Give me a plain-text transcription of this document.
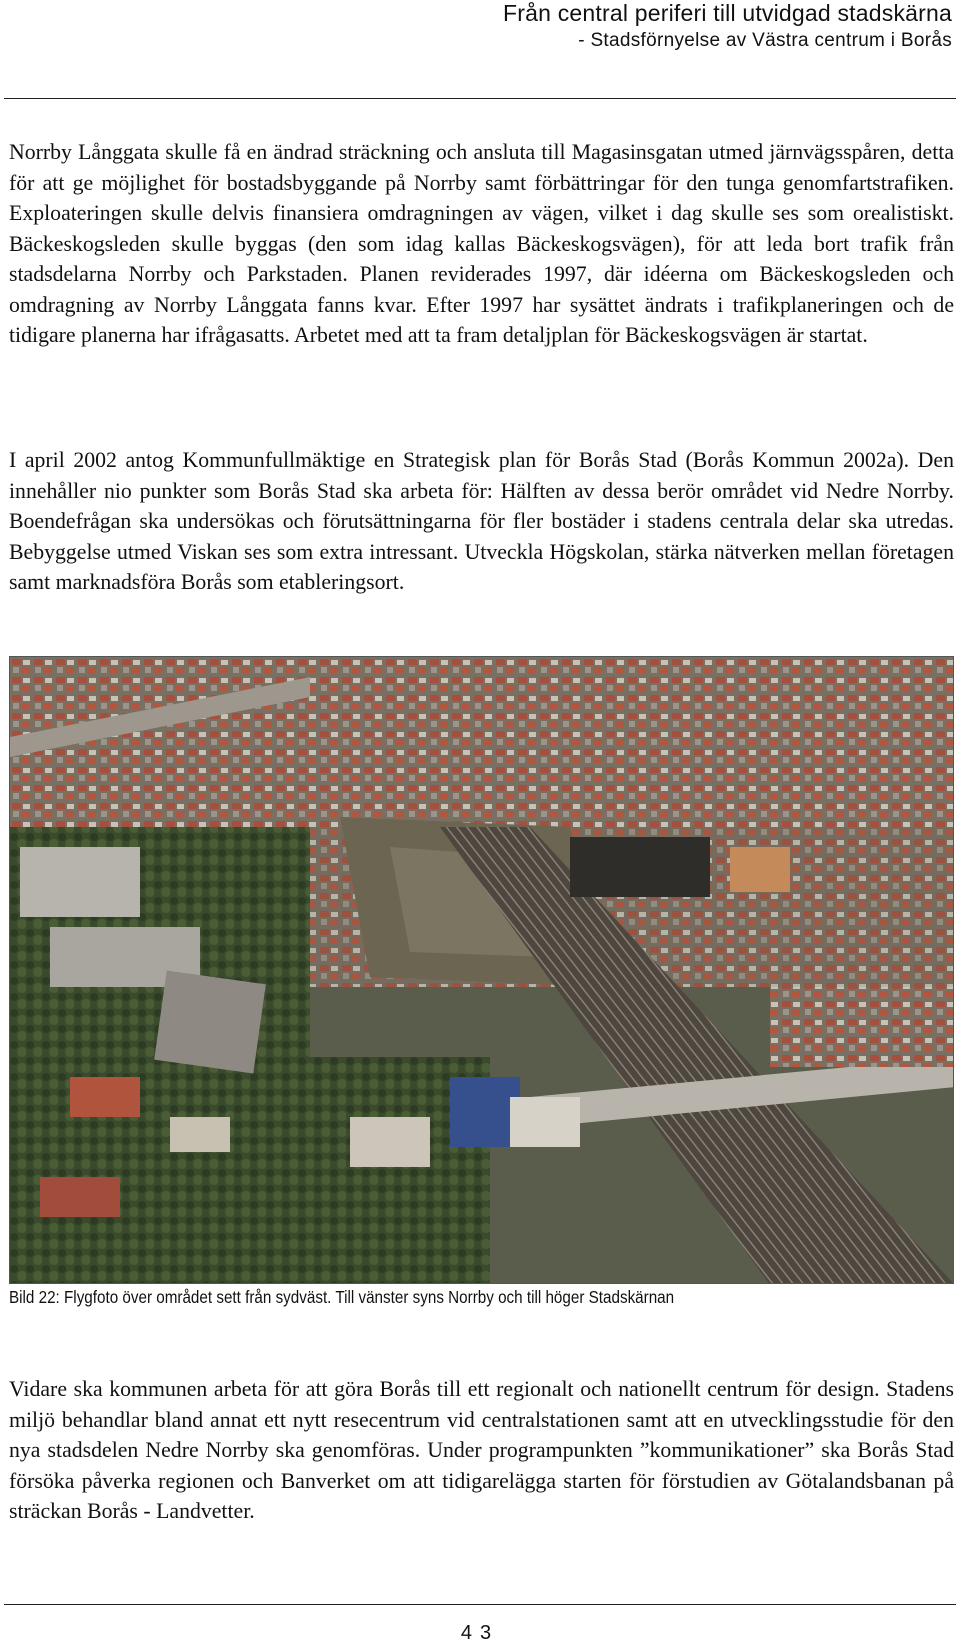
Från central periferi till utvidgad stadskärna
- Stadsförnyelse av Västra centrum i Borås

Norrby Långgata skulle få en ändrad sträckning och ansluta till Magasinsgatan utmed järnvägsspåren, detta för att ge möjlighet för bostadsbyggande på Norrby samt förbättringar för den tunga genomfartstrafiken. Exploateringen skulle delvis finansiera omdragningen av vägen, vilket i dag skulle ses som orealistiskt. Bäckeskogsleden skulle byggas (den som idag kallas Bäckeskogsvägen), för att leda bort trafik från stadsdelarna Norrby och Parkstaden. Planen reviderades 1997, där idéerna om Bäckeskogsleden och omdragning av Norrby Långgata fanns kvar. Efter 1997 har sysättet ändrats i trafikplaneringen och de tidigare planerna har ifrågasatts. Arbetet med att ta fram detaljplan för Bäckeskogsvägen är startat.

I april 2002 antog Kommunfullmäktige en Strategisk plan för Borås Stad (Borås Kommun 2002a). Den innehåller nio punkter som Borås Stad ska arbeta för: Hälften av dessa berör området vid Nedre Norrby. Boendefrågan ska undersökas och förutsättningarna för fler bostäder i stadens centrala delar ska utredas. Bebyggelse utmed Viskan ses som extra intressant. Utveckla Högskolan, stärka nätverken mellan företagen samt marknadsföra Borås som etableringsort.

Bild 22: Flygfoto över området sett från sydväst. Till vänster syns Norrby och till höger Stadskärnan

Vidare ska kommunen arbeta för att göra Borås till ett regionalt och nationellt centrum för design. Stadens miljö behandlar bland annat ett nytt resecentrum vid centralstationen samt att en utvecklingsstudie för den nya stadsdelen Nedre Norrby ska genomföras. Under programpunkten ”kommunikationer” ska Borås Stad försöka påverka regionen och Banverket om att tidigarelägga starten för förstudien av Götalandsbanan på sträckan Borås - Landvetter.

43
